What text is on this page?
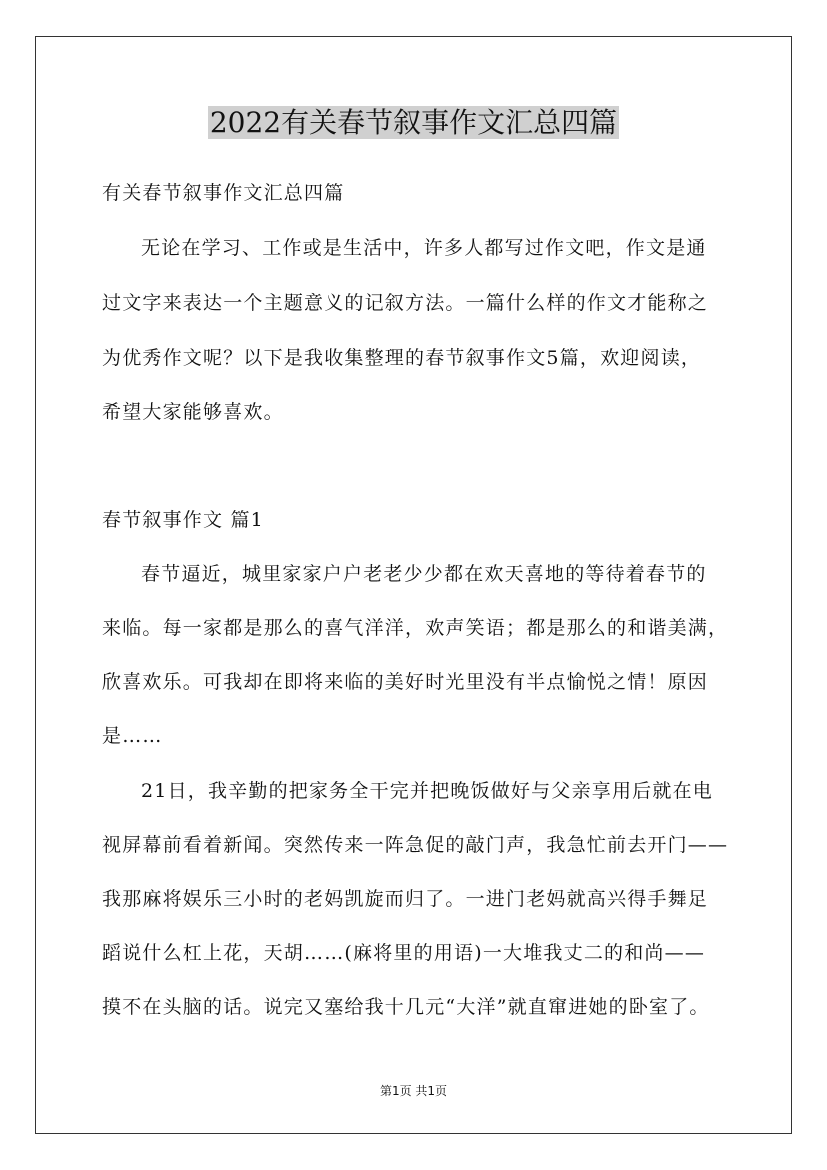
2022有关春节叙事作文汇总四篇
有关春节叙事作文汇总四篇
无论在学习、工作或是生活中，许多人都写过作文吧，作文是通
过文字来表达一个主题意义的记叙方法。一篇什么样的作文才能称之
为优秀作文呢？以下是我收集整理的春节叙事作文5篇，欢迎阅读，
希望大家能够喜欢。
春节叙事作文 篇1
春节逼近，城里家家户户老老少少都在欢天喜地的等待着春节的
来临。每一家都是那么的喜气洋洋，欢声笑语；都是那么的和谐美满，
欣喜欢乐。可我却在即将来临的美好时光里没有半点愉悦之情！原因
是……
21日，我辛勤的把家务全干完并把晚饭做好与父亲享用后就在电
视屏幕前看着新闻。突然传来一阵急促的敲门声，我急忙前去开门——
我那麻将娱乐三小时的老妈凯旋而归了。一进门老妈就高兴得手舞足
蹈说什么杠上花，天胡……(麻将里的用语)一大堆我丈二的和尚——
摸不在头脑的话。说完又塞给我十几元“大洋”就直窜进她的卧室了。
第1页 共1页
